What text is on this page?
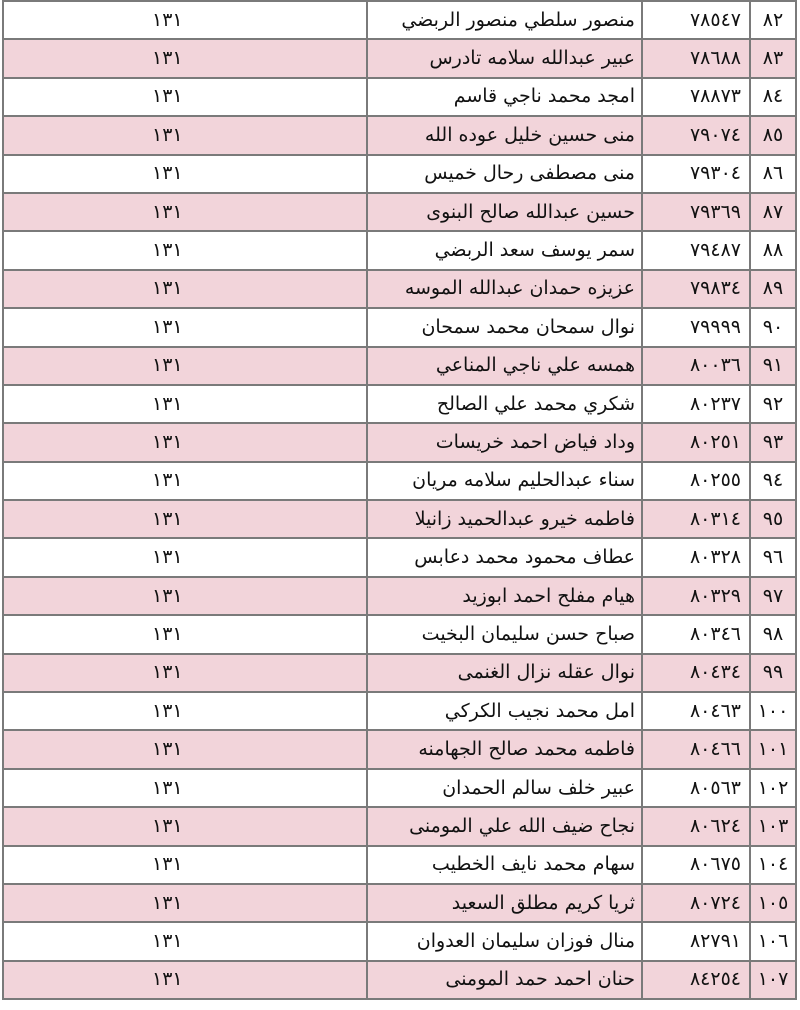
٨٢	٧٨٥٤٧	منصور سلطي منصور الربضي	١٣١
٨٣	٧٨٦٨٨	عبير عبدالله سلامه تادرس	١٣١
٨٤	٧٨٨٧٣	امجد محمد ناجي قاسم	١٣١
٨٥	٧٩٠٧٤	منى حسين خليل عوده الله	١٣١
٨٦	٧٩٣٠٤	منى مصطفى رحال خميس	١٣١
٨٧	٧٩٣٦٩	حسين عبدالله صالح البنوى	١٣١
٨٨	٧٩٤٨٧	سمر يوسف سعد الربضي	١٣١
٨٩	٧٩٨٣٤	عزيزه حمدان عبدالله الموسه	١٣١
٩٠	٧٩٩٩٩	نوال سمحان محمد سمحان	١٣١
٩١	٨٠٠٣٦	همسه علي ناجي المناعي	١٣١
٩٢	٨٠٢٣٧	شكري محمد علي الصالح	١٣١
٩٣	٨٠٢٥١	وداد فياض احمد خريسات	١٣١
٩٤	٨٠٢٥٥	سناء عبدالحليم سلامه مريان	١٣١
٩٥	٨٠٣١٤	فاطمه خيرو عبدالحميد زانيلا	١٣١
٩٦	٨٠٣٢٨	عطاف محمود محمد دعابس	١٣١
٩٧	٨٠٣٢٩	هيام مفلح احمد ابوزيد	١٣١
٩٨	٨٠٣٤٦	صباح حسن سليمان البخيت	١٣١
٩٩	٨٠٤٣٤	نوال عقله نزال الغنمى	١٣١
١٠٠	٨٠٤٦٣	امل محمد نجيب الكركي	١٣١
١٠١	٨٠٤٦٦	فاطمه محمد صالح الجهامنه	١٣١
١٠٢	٨٠٥٦٣	عبير خلف سالم الحمدان	١٣١
١٠٣	٨٠٦٢٤	نجاح ضيف الله علي المومنى	١٣١
١٠٤	٨٠٦٧٥	سهام محمد نايف الخطيب	١٣١
١٠٥	٨٠٧٢٤	ثريا كريم مطلق السعيد	١٣١
١٠٦	٨٢٧٩١	منال فوزان سليمان العدوان	١٣١
١٠٧	٨٤٢٥٤	حنان احمد حمد المومنى	١٣١
